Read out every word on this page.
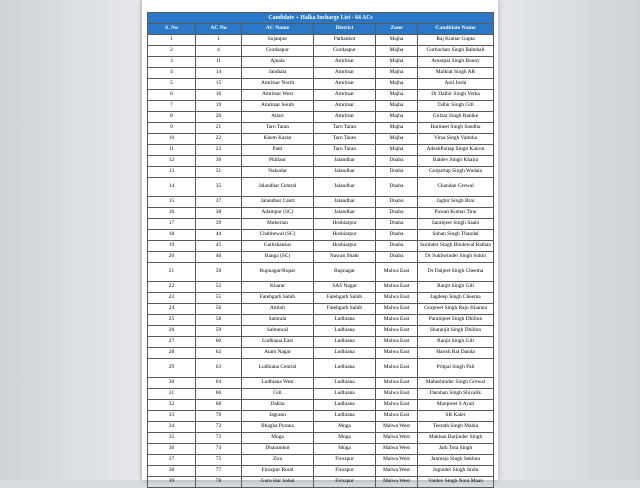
Candidate + Halka Incharge List - 64 ACs					
S. No	AC No	AC Name	District	Zone	Candidate Name
1	1	Sujanpur	Pathankot	Majha	Raj Kumar Gupta
2	4	Gurdaspur	Gurdaspur	Majha	Gurbachan Singh Babehali
3	11	Ajnala	Amritsar	Majha	Amarpal Singh Bonny
4	14	Jandiala	Amritsar	Majha	Malkiat Singh AR
5	15	Amritsar North	Amritsar	Majha	Anil Joshi
6	16	Amritsar West	Amritsar	Majha	Dr Dalbir Singh Verka
7	19	Amritsar South	Amritsar	Majha	Talbir Singh Gill
8	20	Attari	Amritsar	Majha	Gulzar Singh Ranike
9	21	Tarn Taran	Tarn Taran	Majha	Harmeet Singh Sandhu
10	22	Khem Karan	Tarn Taran	Majha	Virsa Singh Valtoha
11	23	Patti	Tarn Taran	Majha	AdeshPartap Singh Kairon
12	30	Phillaur	Jalandhar	Doaba	Baldev Singh Khaira
13	31	Nakodar	Jalandhar	Doaba	Gurpartap Singh Wadala
14	35	Jalandhar Central	Jalandhar	Doaba	Chandan Grewal
15	37	Jalandhar Cantt	Jalandhar	Doaba	Jagbir Singh Brar
16	38	Adampur (SC)	Jalandhar	Doaba	Pawan Kumar Tinu
17	39	Mukerian	Hoshiarpur	Doaba	Sarabjeet Singh Saahi
18	44	Chabbewal (SC)	Hoshiarpur	Doaba	Sohan Singh Thandal
19	45	Garhshankar	Hoshiarpur	Doaba	Surinder Singh Bhulewal Rathan
20	46	Banga (SC)	Nawan Shahr	Doaba	Dr Sukhwinder Singh Sukhi
21	50	Rupnagar/Ropar	Rupnagar	Malwa East	Dr Daljeet Singh Cheema
22	52	Kharar	SAS Nagar	Malwa East	Ranjit Singh Gill
23	55	Fatehgarh Sahib	Fatehgarh Sahib	Malwa East	Jagdeep Singh Cheema
24	56	Amloh	Fatehgarh Sahib	Malwa East	Gurpreet Singh Raju Khanna
25	58	Samrala	Ludhiana	Malwa East	Paramjeet Singh Dhillon
26	59	Sahnewal	Ludhiana	Malwa East	Sharanjit Singh Dhillon
27	60	Ludhiana East	Ludhiana	Malwa East	Ranjit Singh Gill
28	62	Atam Nagar	Ludhiana	Malwa East	Harish Rai Danda
29	63	Ludhiana Central	Ludhiana	Malwa East	Pritpal Singh Pali
30	64	Ludhiana West	Ludhiana	Malwa East	Maheshinder Singh Grewal
31	66	Gill	Ludhiana	Malwa East	Darshan Singh Shivalik
32	68	Dakha	Ludhiana	Malwa East	Manpreet S Ayali
33	70	Jagraon	Ludhiana	Malwa East	SR Kaler
34	72	Bhagha Purana	Moga	Malwa West	Teerath Singh Mahla
35	73	Moga	Moga	Malwa West	Makhan Barjinder Singh
36	74	Dharamkot	Moga	Malwa West	Jath Tota Singh
37	75	Zira	Firozpur	Malwa West	Janmeja Singh Sekhon
38	77	Firozpur Rural	Firozpur	Malwa West	Joginder Singh Jindu
39	78	Guru Har Sahai	Firozpur	Malwa West	Vardev Singh Noni Maan
